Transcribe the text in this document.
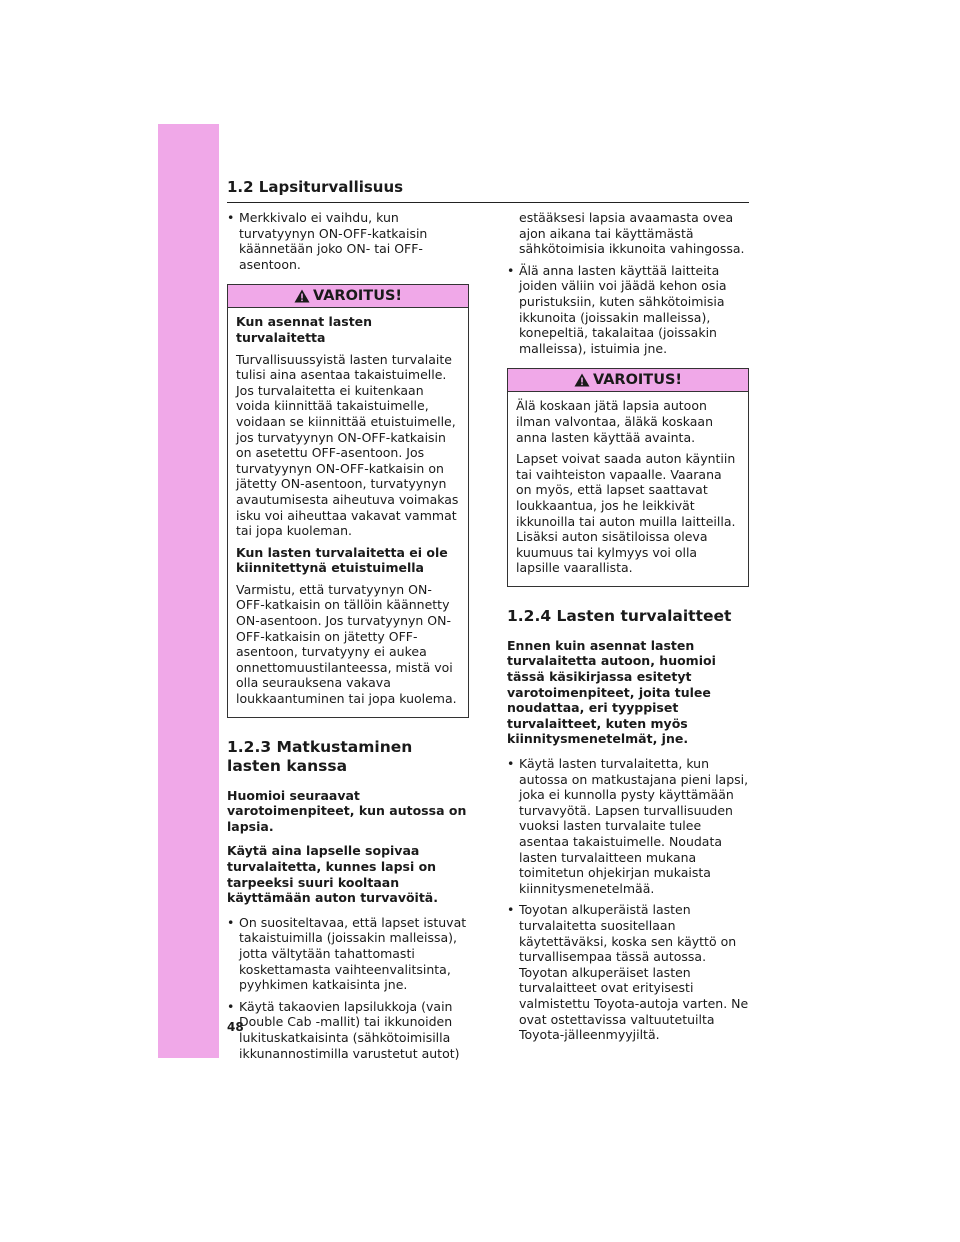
1.2 Lapsiturvallisuus
• Merkkivalo ei vaihdu, kun turvatyynyn ON-OFF-katkaisin käännetään joko ON- tai OFF-asentoon.
VAROITUS!

Kun asennat lasten turvalaitetta

Turvallisuussyistä lasten turvalaite tulisi aina asentaa takaistuimelle. Jos turvalaitetta ei kuitenkaan voida kiinnittää takaistuimelle, voidaan se kiinnittää etuistuimelle, jos turvatyynyn ON-OFF-katkaisin on asetettu OFF-asentoon. Jos turvatyynyn ON-OFF-katkaisin on jätetty ON-asentoon, turvatyynyn avautumisesta aiheutuva voimakas isku voi aiheuttaa vakavat vammat tai jopa kuoleman.

Kun lasten turvalaitetta ei ole kiinnitettynä etuistuimella

Varmistu, että turvatyynyn ON-OFF-katkaisin on tällöin käännetty ON-asentoon. Jos turvatyynyn ON-OFF-katkaisin on jätetty OFF-asentoon, turvatyyny ei aukea onnettomuustilanteessa, mistä voi olla seurauksena vakava loukkaantuminen tai jopa kuolema.

1.2.3 Matkustaminen lasten kanssa

Huomioi seuraavat varotoimenpiteet, kun autossa on lapsia.

Käytä aina lapselle sopivaa turvalaitetta, kunnes lapsi on tarpeeksi suuri kooltaan käyttämään auton turvavöitä.

• On suositeltavaa, että lapset istuvat takaistuimilla (joissakin malleissa), jotta vältytään tahattomasti koskettamasta vaihteenvalitsinta, pyyhkimen katkaisinta jne.
• Käytä takaovien lapsilukkoja (vain Double Cab -mallit) tai ikkunoiden lukituskatkaisinta (sähkötoimisilla ikkunannostimilla varustetut autot)

estääksesi lapsia avaamasta ovea ajon aikana tai käyttämästä sähkötoimisia ikkunoita vahingossa.

• Älä anna lasten käyttää laitteita joiden väliin voi jäädä kehon osia puristuksiin, kuten sähkötoimisia ikkunoita (joissakin malleissa), konepeltiä, takalaitaa (joissakin malleissa), istuimia jne.
VAROITUS!

Älä koskaan jätä lapsia autoon ilman valvontaa, äläkä koskaan anna lasten käyttää avainta.

Lapset voivat saada auton käyntiin tai vaihteiston vapaalle. Vaarana on myös, että lapset saattavat loukkaantua, jos he leikkivät ikkunoilla tai auton muilla laitteilla. Lisäksi auton sisätiloissa oleva kuumuus tai kylmyys voi olla lapsille vaarallista.

1.2.4 Lasten turvalaitteet

Ennen kuin asennat lasten turvalaitetta autoon, huomioi tässä käsikirjassa esitetyt varotoimenpiteet, joita tulee noudattaa, eri tyyppiset turvalaitteet, kuten myös kiinnitysmenetelmät, jne.

• Käytä lasten turvalaitetta, kun autossa on matkustajana pieni lapsi, joka ei kunnolla pysty käyttämään turvavyötä. Lapsen turvallisuuden vuoksi lasten turvalaite tulee asentaa takaistuimelle. Noudata lasten turvalaitteen mukana toimitetun ohjekirjan mukaista kiinnitysmenetelmää.
• Toyotan alkuperäistä lasten turvalaitetta suositellaan käytettäväksi, koska sen käyttö on turvallisempaa tässä autossa. Toyotan alkuperäiset lasten turvalaitteet ovat erityisesti valmistettu Toyota-autoja varten. Ne ovat ostettavissa valtuutetuilta Toyota-jälleenmyyjiltä.
48
